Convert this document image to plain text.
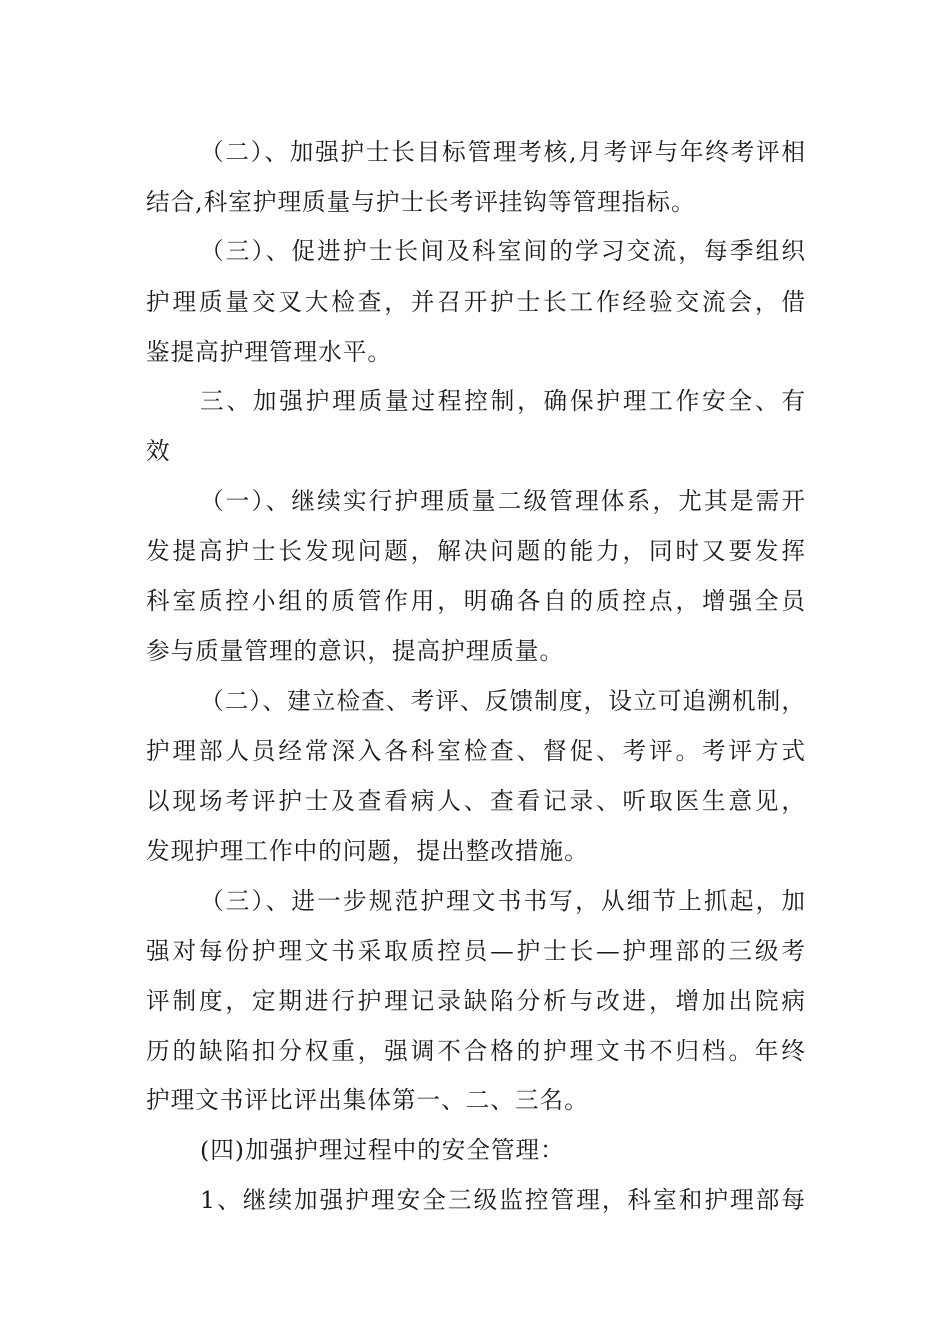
（二）、加强护士长目标管理考核,月考评与年终考评相
结合,科室护理质量与护士长考评挂钩等管理指标。
（三）、促进护士长间及科室间的学习交流，每季组织
护理质量交叉大检查，并召开护士长工作经验交流会，借
鉴提高护理管理水平。
三、加强护理质量过程控制，确保护理工作安全、有
效
（一）、继续实行护理质量二级管理体系，尤其是需开
发提高护士长发现问题，解决问题的能力，同时又要发挥
科室质控小组的质管作用，明确各自的质控点，增强全员
参与质量管理的意识，提高护理质量。
（二）、建立检查、考评、反馈制度，设立可追溯机制，
护理部人员经常深入各科室检查、督促、考评。考评方式
以现场考评护士及查看病人、查看记录、听取医生意见，
发现护理工作中的问题，提出整改措施。
（三）、进一步规范护理文书书写，从细节上抓起，加
强对每份护理文书采取质控员—护士长—护理部的三级考
评制度，定期进行护理记录缺陷分析与改进，增加出院病
历的缺陷扣分权重，强调不合格的护理文书不归档。年终
护理文书评比评出集体第一、二、三名。
(四)加强护理过程中的安全管理：
1、继续加强护理安全三级监控管理，科室和护理部每
